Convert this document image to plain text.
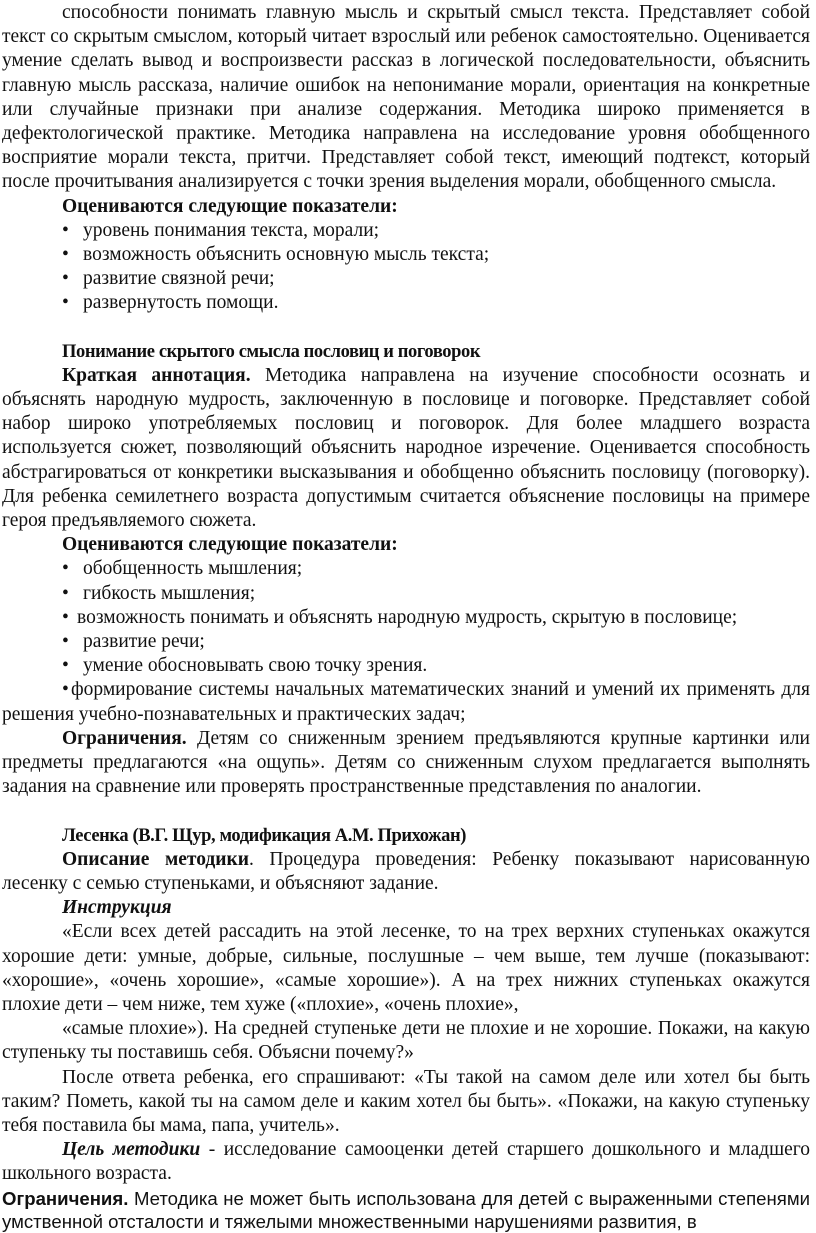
способности понимать главную мысль и скрытый смысл текста. Представляет собой текст со скрытым смыслом, который читает взрослый или ребенок самостоятельно. Оценивается умение сделать вывод и воспроизвести рассказ в логической последовательности, объяснить главную мысль рассказа, наличие ошибок на непонимание морали, ориентация на конкретные или случайные признаки при анализе содержания. Методика широко применяется в дефектологической практике. Методика направлена на исследование уровня обобщенного восприятие морали текста, притчи. Представляет собой текст, имеющий подтекст, который после прочитывания анализируется с точки зрения выделения морали, обобщенного смысла.

Оцениваются следующие показатели:

• уровень понимания текста, морали;

• возможность объяснить основную мысль текста;

• развитие связной речи;

• развернутость помощи.

Понимание скрытого смысла пословиц и поговорок

Краткая аннотация. Методика направлена на изучение способности осознать и объяснять народную мудрость, заключенную в пословице и поговорке. Представляет собой набор широко употребляемых пословиц и поговорок. Для более младшего возраста используется сюжет, позволяющий объяснить народное изречение. Оценивается способность абстрагироваться от конкретики высказывания и обобщенно объяснить пословицу (поговорку). Для ребенка семилетнего возраста допустимым считается объяснение пословицы на примере героя предъявляемого сюжета.

Оцениваются следующие показатели:

• обобщенность мышления;

• гибкость мышления;

• возможность понимать и объяснять народную мудрость, скрытую в пословице;

• развитие речи;

• умение обосновывать свою точку зрения.

• формирование системы начальных математических знаний и умений их применять для решения учебно-познавательных и практических задач;

Ограничения. Детям со сниженным зрением предъявляются крупные картинки или предметы предлагаются «на ощупь». Детям со сниженным слухом предлагается выполнять задания на сравнение или проверять пространственные представления по аналогии.

Лесенка (В.Г. Щур, модификация А.М. Прихожан)

Описание методики. Процедура проведения: Ребенку показывают нарисованную лесенку с семью ступеньками, и объясняют задание.

Инструкция

«Если всех детей рассадить на этой лесенке, то на трех верхних ступеньках окажутся хорошие дети: умные, добрые, сильные, послушные – чем выше, тем лучше (показывают: «хорошие», «очень хорошие», «самые хорошие»). А на трех нижних ступеньках окажутся плохие дети – чем ниже, тем хуже («плохие», «очень плохие»,

«самые плохие»). На средней ступеньке дети не плохие и не хорошие. Покажи, на какую ступеньку ты поставишь себя. Объясни почему?»

После ответа ребенка, его спрашивают: «Ты такой на самом деле или хотел бы быть таким? Пометь, какой ты на самом деле и каким хотел бы быть». «Покажи, на какую ступеньку тебя поставила бы мама, папа, учитель».

Цель методики - исследование самооценки детей старшего дошкольного и младшего школьного возраста.

Ограничения. Методика не может быть использована для детей с выраженными степенями умственной отсталости и тяжелыми множественными нарушениями развития, в
